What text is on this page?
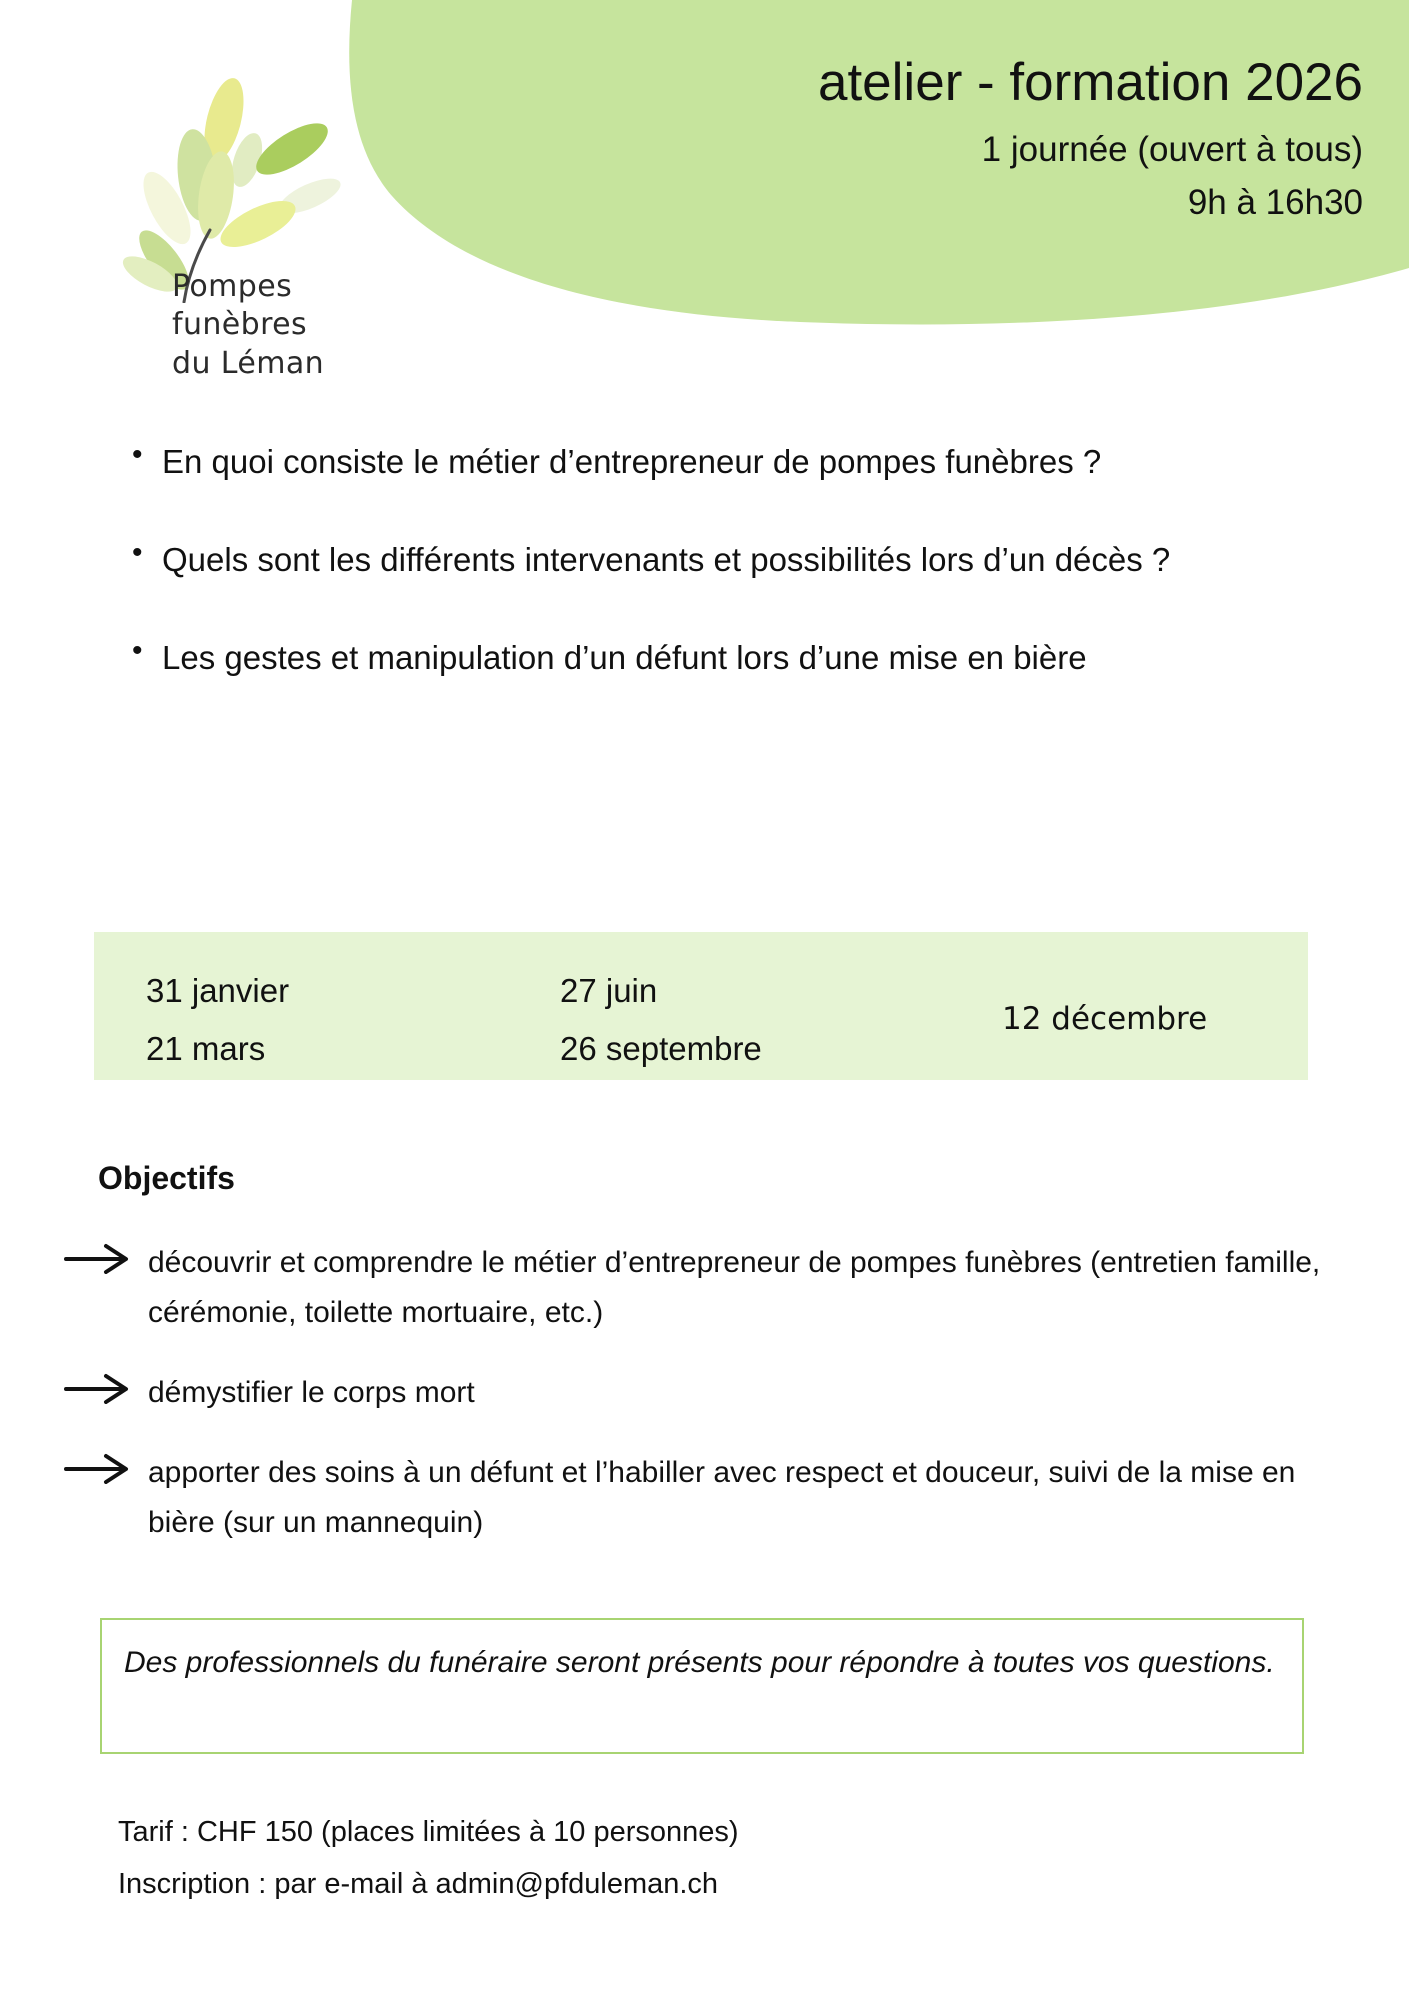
atelier - formation 2026
1 journée (ouvert à tous)
9h à 16h30
Pompes funèbres
du Léman
• En quoi consiste le métier d’entrepreneur de pompes funèbres ?
• Quels sont les différents intervenants et possibilités lors d’un décès ?
• Les gestes et manipulation d’un défunt lors d’une mise en bière
31 janvier
21 mars
27 juin
26 septembre
12 décembre
Objectifs
découvrir et comprendre le métier d’entrepreneur de pompes funèbres (entretien famille, cérémonie, toilette mortuaire, etc.)
démystifier le corps mort
apporter des soins à un défunt et l’habiller avec respect et douceur, suivi de la mise en bière (sur un mannequin)
Des professionnels du funéraire seront présents pour répondre à toutes vos questions.
Tarif : CHF 150 (places limitées à 10 personnes)
Inscription : par e-mail à admin@pfduleman.ch
